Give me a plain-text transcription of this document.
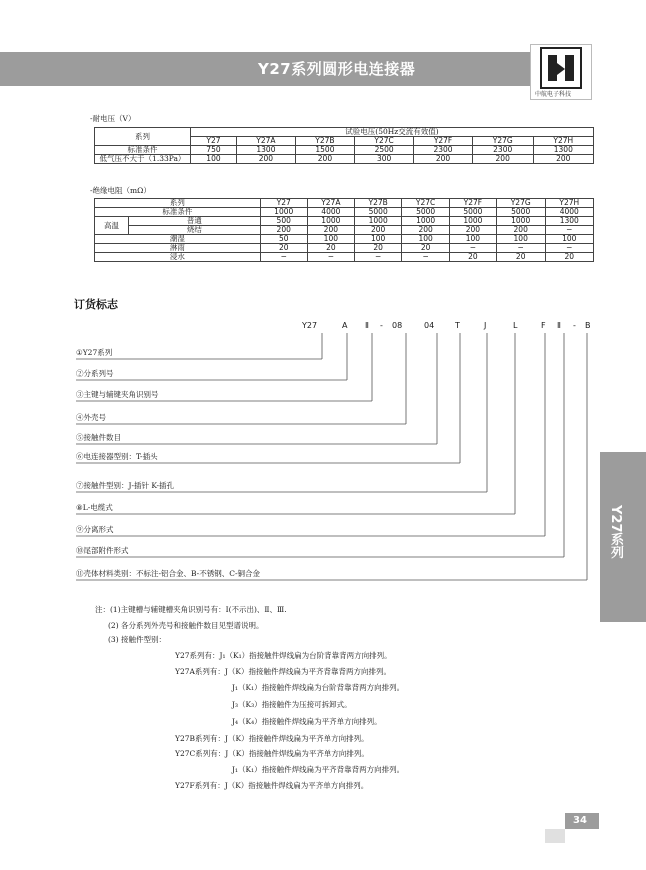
Y27系列圆形电连接器
中航电子科技
-耐电压（V）
系列	试验电压(50Hz交流有效值)						
	Y27	Y27A	Y27B	Y27C	Y27F	Y27G	Y27H
标准条件	750	1300	1500	2500	2300	2300	1300
低气压不大于（1.33Pa）	100	200	200	300	200	200	200
-绝缘电阻（mΩ）
系列		Y27	Y27A	Y27B	Y27C	Y27F	Y27G	Y27H
标准条件		1000	4000	5000	5000	5000	5000	4000
高温	普通	500	1000	1000	1000	1000	1000	1300
	烧结	200	200	200	200	200	200	−
潮湿		50	100	100	100	100	100	100
淋雨		20	20	20	20	−	−	−
浸水		−	−	−	−	20	20	20
订货标志
Y27	A Ⅱ - 08	04	T	J	L	F Ⅱ - B
①Y27系列
②分系列号
③主键与辅键夹角识别号
④外壳号
⑤接触件数目
⑥电连接器型别：T-插头
⑦接触件型别：J-插针 K-插孔
⑧L-电缆式
⑨分离形式
⑩尾部附件形式
⑪壳体材料类别：不标注-铝合金、B-不锈钢、C-铜合金
注：(1)主键槽与辅键槽夹角识别号有：Ⅰ(不示出)、Ⅱ、Ⅲ.
(2) 各分系列外壳号和接触件数目见型谱说明。
(3) 接触件型别：
Y27系列有：J₁（K₁）指接触件焊线扁为台阶背靠背两方向排列。
Y27A系列有：J（K）指接触件焊线扁为平齐背靠背两方向排列。
J₁（K₁）指接触件焊线扁为台阶背靠背两方向排列。
J₃（K₃）指接触件为压接可拆卸式。
J₄（K₄）指接触件焊线扁为平齐单方向排列。
Y27B系列有：J（K）指接触件焊线扁为平齐单方向排列。
Y27C系列有：J（K）指接触件焊线扁为平齐单方向排列。
J₁（K₁）指接触件焊线扁为平齐背靠背两方向排列。
Y27F系列有：J（K）指接触件焊线扁为平齐单方向排列。
Y27系列
34
